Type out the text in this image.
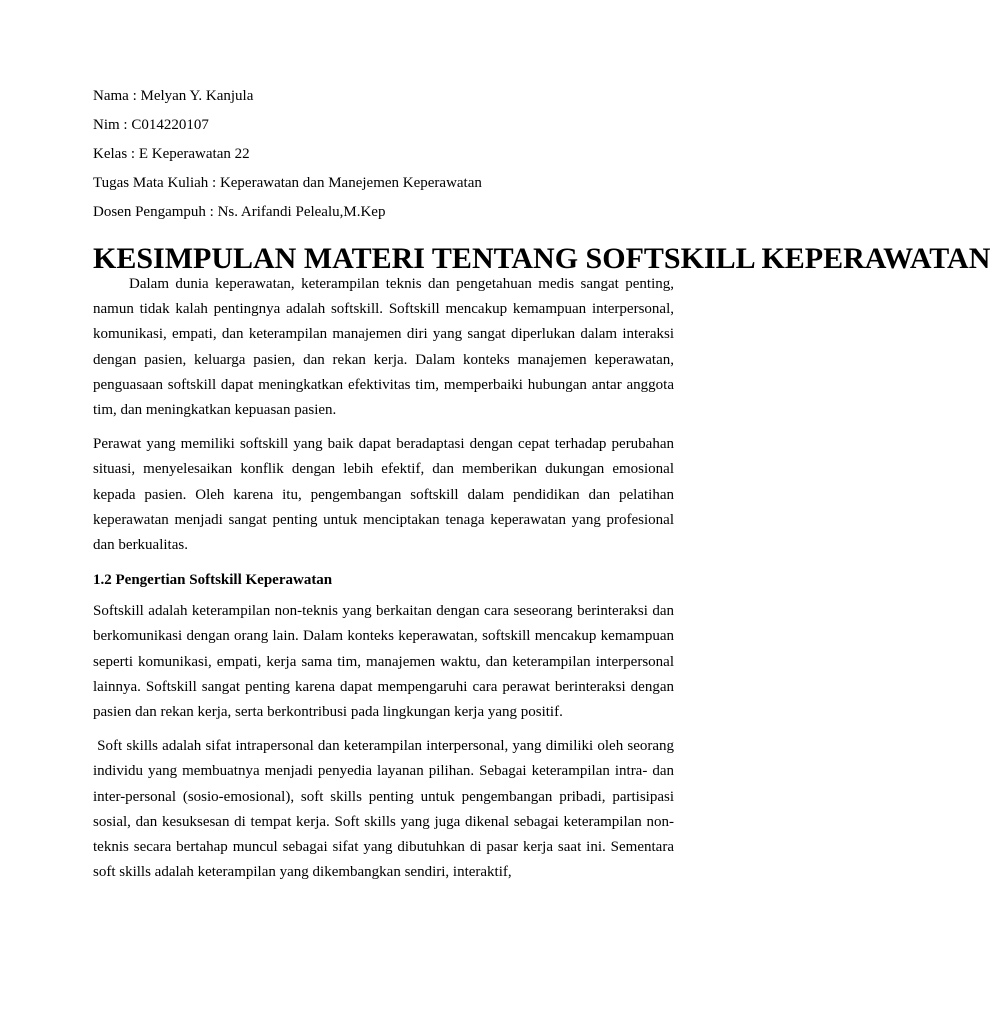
Nama : Melyan Y. Kanjula

Nim : C014220107

Kelas : E Keperawatan 22

Tugas Mata Kuliah : Keperawatan dan Manejemen Keperawatan

Dosen Pengampuh : Ns. Arifandi Pelealu,M.Kep

KESIMPULAN MATERI TENTANG SOFTSKILL KEPERAWATAN

Dalam dunia keperawatan, keterampilan teknis dan pengetahuan medis sangat penting, namun tidak kalah pentingnya adalah softskill. Softskill mencakup kemampuan interpersonal, komunikasi, empati, dan keterampilan manajemen diri yang sangat diperlukan dalam interaksi dengan pasien, keluarga pasien, dan rekan kerja. Dalam konteks manajemen keperawatan, penguasaan softskill dapat meningkatkan efektivitas tim, memperbaiki hubungan antar anggota tim, dan meningkatkan kepuasan pasien.

Perawat yang memiliki softskill yang baik dapat beradaptasi dengan cepat terhadap perubahan situasi, menyelesaikan konflik dengan lebih efektif, dan memberikan dukungan emosional kepada pasien. Oleh karena itu, pengembangan softskill dalam pendidikan dan pelatihan keperawatan menjadi sangat penting untuk menciptakan tenaga keperawatan yang profesional dan berkualitas.

1.2 Pengertian Softskill Keperawatan

Softskill adalah keterampilan non-teknis yang berkaitan dengan cara seseorang berinteraksi dan berkomunikasi dengan orang lain. Dalam konteks keperawatan, softskill mencakup kemampuan seperti komunikasi, empati, kerja sama tim, manajemen waktu, dan keterampilan interpersonal lainnya. Softskill sangat penting karena dapat mempengaruhi cara perawat berinteraksi dengan pasien dan rekan kerja, serta berkontribusi pada lingkungan kerja yang positif.

Soft skills adalah sifat intrapersonal dan keterampilan interpersonal, yang dimiliki oleh seorang individu yang membuatnya menjadi penyedia layanan pilihan. Sebagai keterampilan intra- dan inter-personal (sosio-emosional), soft skills penting untuk pengembangan pribadi, partisipasi sosial, dan kesuksesan di tempat kerja. Soft skills yang juga dikenal sebagai keterampilan non-teknis secara bertahap muncul sebagai sifat yang dibutuhkan di pasar kerja saat ini. Sementara soft skills adalah keterampilan yang dikembangkan sendiri, interaktif,
